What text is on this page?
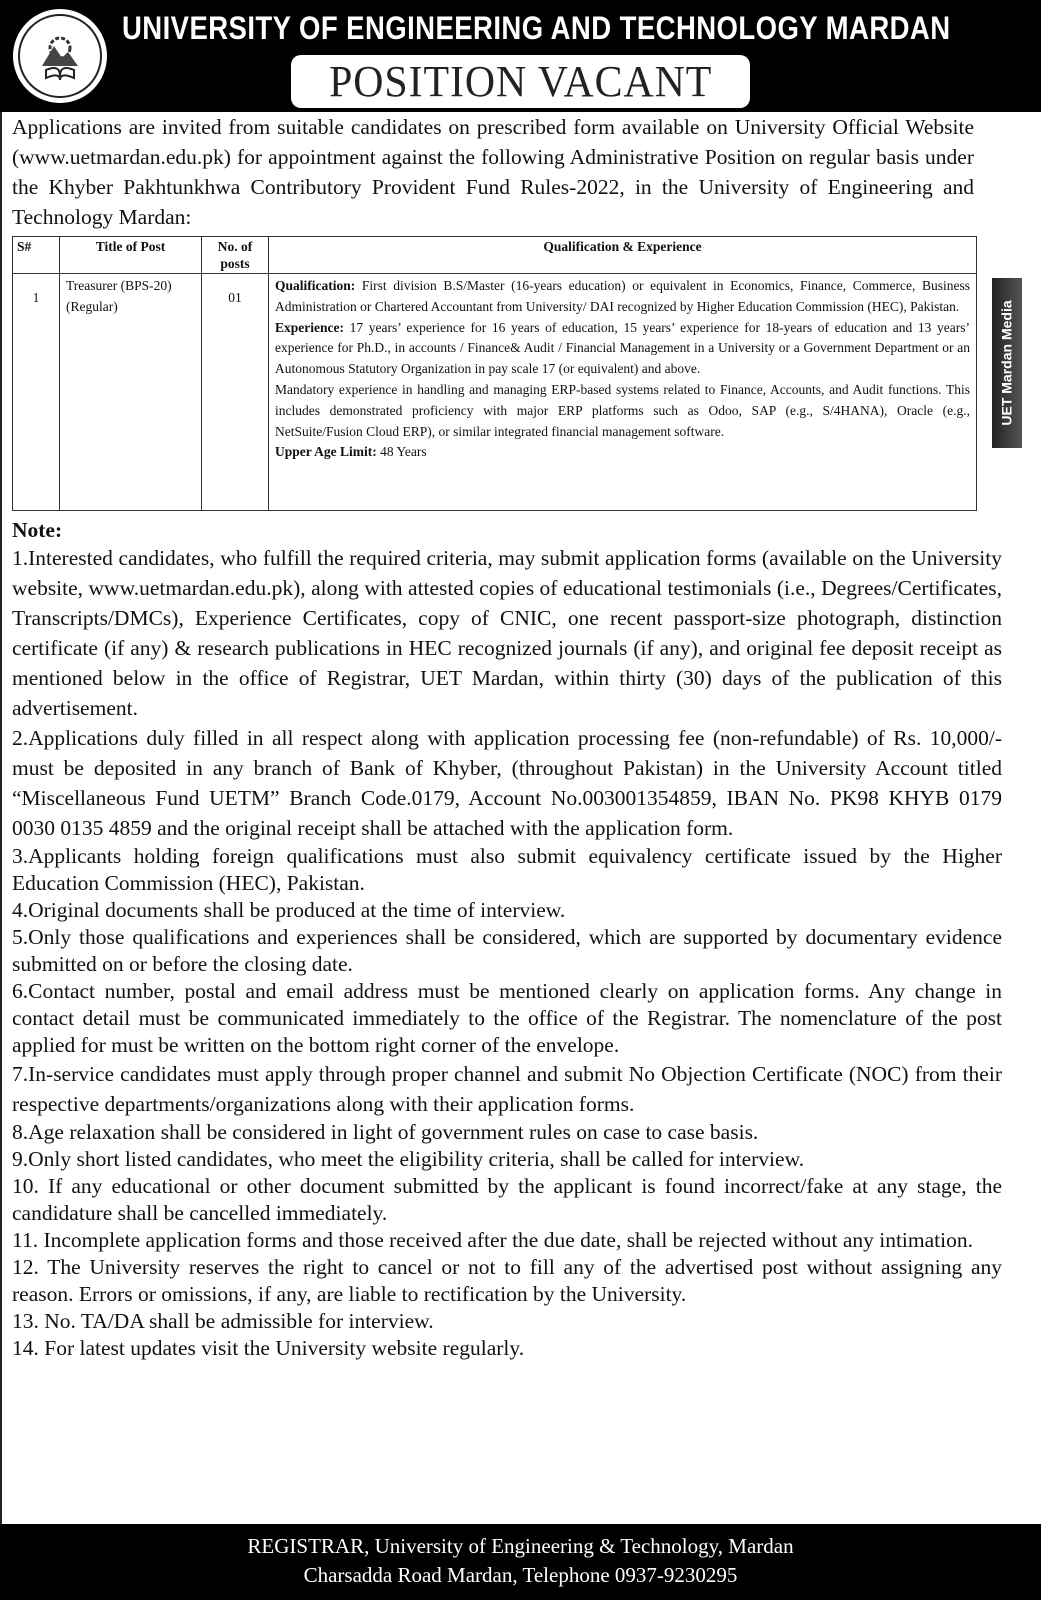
UNIVERSITY OF ENGINEERING AND TECHNOLOGY MARDAN
POSITION VACANT
Applications are invited from suitable candidates on prescribed form available on University Official Website (www.uetmardan.edu.pk) for appointment against the following Administrative Position on regular basis under the Khyber Pakhtunkhwa Contributory Provident Fund Rules-2022, in the University of Engineering and Technology Mardan:
S#	Title of Post	No. of posts	Qualification & Experience
1	Treasurer (BPS-20) (Regular)	01	Qualification: First division B.S/Master (16-years education) or equivalent in Economics, Finance, Commerce, Business Administration or Chartered Accountant from University/ DAI recognized by Higher Education Commission (HEC), Pakistan.
Experience: 17 years’ experience for 16 years of education, 15 years’ experience for 18-years of education and 13 years’ experience for Ph.D., in accounts / Finance& Audit / Financial Management in a University or a Government Department or an Autonomous Statutory Organization in pay scale 17 (or equivalent) and above.
Mandatory experience in handling and managing ERP-based systems related to Finance, Accounts, and Audit functions. This includes demonstrated proficiency with major ERP platforms such as Odoo, SAP (e.g., S/4HANA), Oracle (e.g., NetSuite/Fusion Cloud ERP), or similar integrated financial management software.
Upper Age Limit: 48 Years
UET Mardan Media
Note:
1.Interested candidates, who fulfill the required criteria, may submit application forms (available on the University website, www.uetmardan.edu.pk), along with attested copies of educational testimonials (i.e., Degrees/Certificates, Transcripts/DMCs), Experience Certificates, copy of CNIC, one recent passport-size photograph, distinction certificate (if any) & research publications in HEC recognized journals (if any), and original fee deposit receipt as mentioned below in the office of Registrar, UET Mardan, within thirty (30) days of the publication of this advertisement.
2.Applications duly filled in all respect along with application processing fee (non-refundable) of Rs. 10,000/- must be deposited in any branch of Bank of Khyber, (throughout Pakistan) in the University Account titled “Miscellaneous Fund UETM” Branch Code.0179, Account No.003001354859, IBAN No. PK98 KHYB 0179 0030 0135 4859 and the original receipt shall be attached with the application form.
3.Applicants holding foreign qualifications must also submit equivalency certificate issued by the Higher Education Commission (HEC), Pakistan.
4.Original documents shall be produced at the time of interview.
5.Only those qualifications and experiences shall be considered, which are supported by documentary evidence submitted on or before the closing date.
6.Contact number, postal and email address must be mentioned clearly on application forms. Any change in contact detail must be communicated immediately to the office of the Registrar. The nomenclature of the post applied for must be written on the bottom right corner of the envelope.
7.In-service candidates must apply through proper channel and submit No Objection Certificate (NOC) from their respective departments/organizations along with their application forms.
8.Age relaxation shall be considered in light of government rules on case to case basis.
9.Only short listed candidates, who meet the eligibility criteria, shall be called for interview.
10. If any educational or other document submitted by the applicant is found incorrect/fake at any stage, the candidature shall be cancelled immediately.
11. Incomplete application forms and those received after the due date, shall be rejected without any intimation.
12. The University reserves the right to cancel or not to fill any of the advertised post without assigning any reason. Errors or omissions, if any, are liable to rectification by the University.
13. No. TA/DA shall be admissible for interview.
14. For latest updates visit the University website regularly.
REGISTRAR, University of Engineering & Technology, Mardan
Charsadda Road Mardan, Telephone 0937-9230295
